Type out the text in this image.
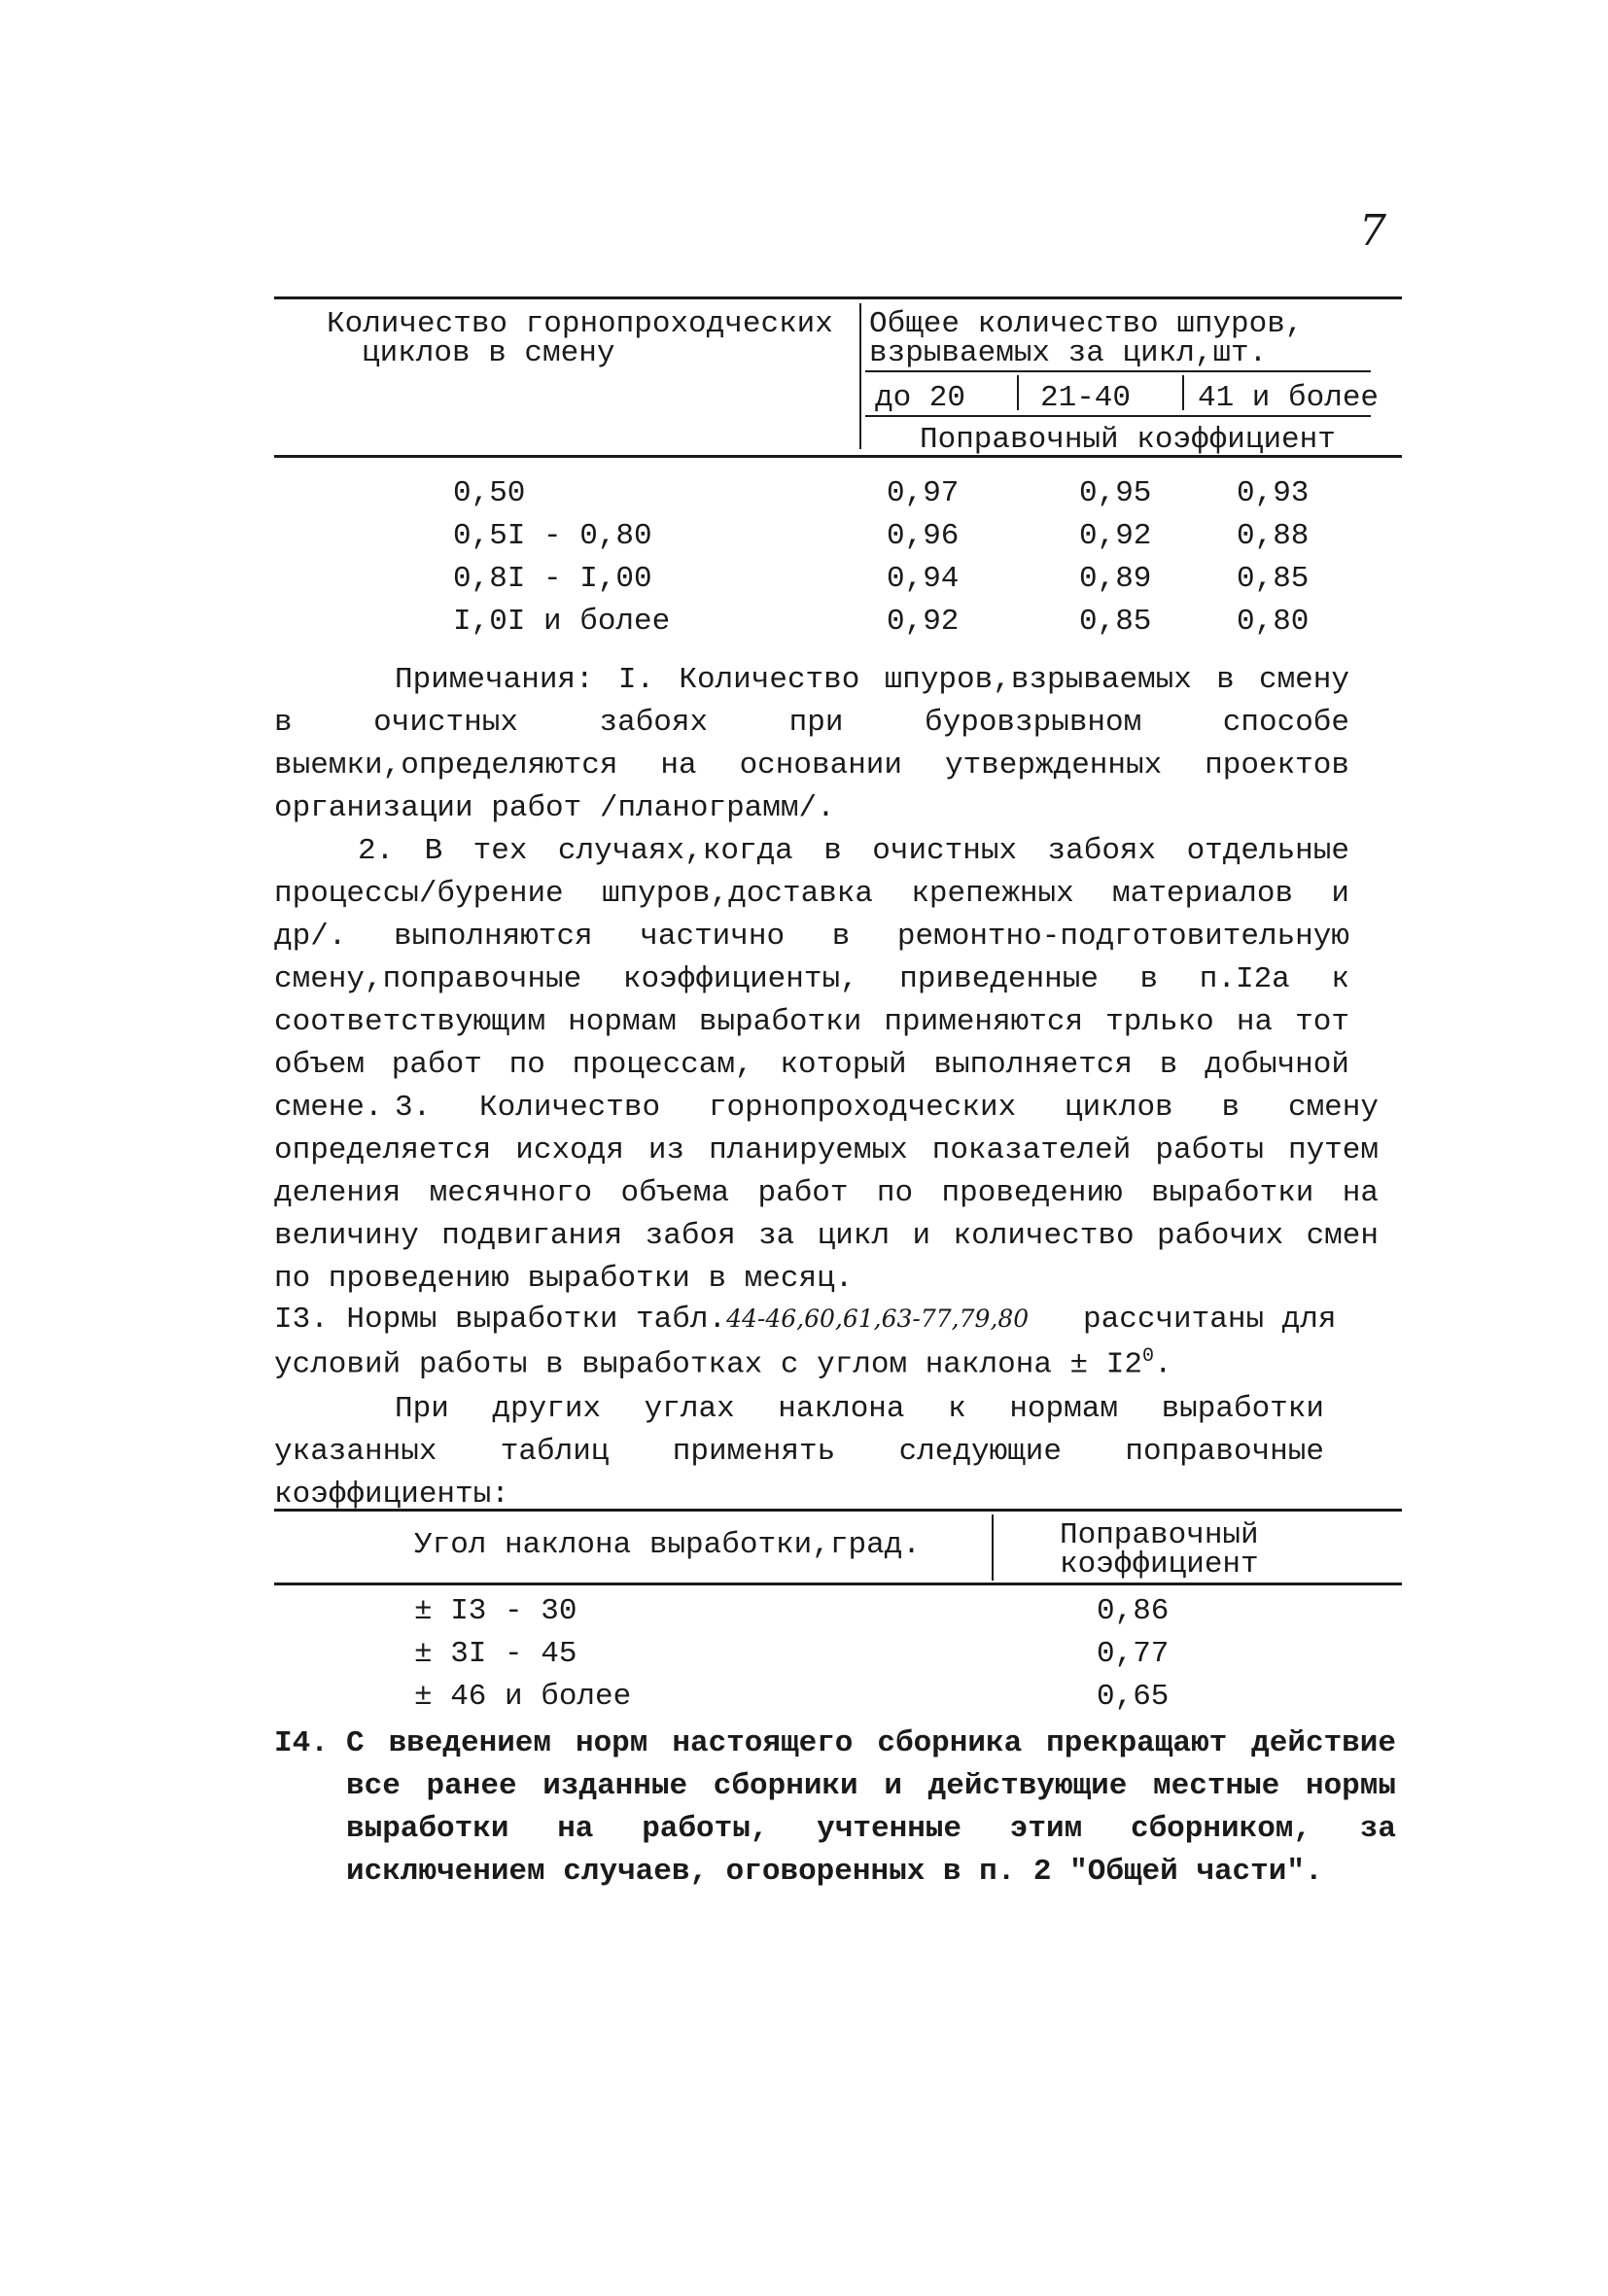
7
Количество горнопроходческих
циклов в смену
Общее количество шпуров,
взрываемых за цикл,шт.
до 20 21-40 41 и более
Поправочный коэффициент
0,50	0,97	0,95	0,93
0,5I - 0,80	0,96	0,92	0,88
0,8I - I,00	0,94	0,89	0,85
I,0I и более	0,92	0,85	0,80

Примечания: I. Количество шпуров,взрываемых в смену в очистных забоях при буровзрывном способе выемки,определяются на основании утвержденных проектов организации работ /планограмм/.

2. В тех случаях,когда в очистных забоях отдельные процессы/бурение шпуров,доставка крепежных материалов и др/. выполняются частично в ремонтно-подготовительную смену,поправочные коэффициенты, приведенные в п.I2а к соответствующим нормам выработки применяются трлько на тот объем работ по процессам, который выполняется в добычной смене. 3. Количество горнопроходческих циклов в смену определяется исходя из планируемых показателей работы путем деления месячного объема работ по проведению выработки на величину подвигания забоя за цикл и количество рабочих смен по проведению выработки в месяц.

I3. Нормы выработки табл.44-46,60,61,63-77,79,80 рассчитаны для
условий работы в выработках с углом наклона ± $I2^0$.

При других углах наклона к нормам выработки указанных таблиц применять следующие поправочные коэффициенты:

Угол наклона выработки,град.	Поправочный
коэффициент
± I3 - 30	0,86
± 3I - 45	0,77
± 46 и более	0,65
I4. С введением норм настоящего сборника прекращают действие все ранее изданные сборники и действующие местные нормы выработки на работы, учтенные этим сборником, за исключением случаев, оговоренных в п. 2 "Общей части".
